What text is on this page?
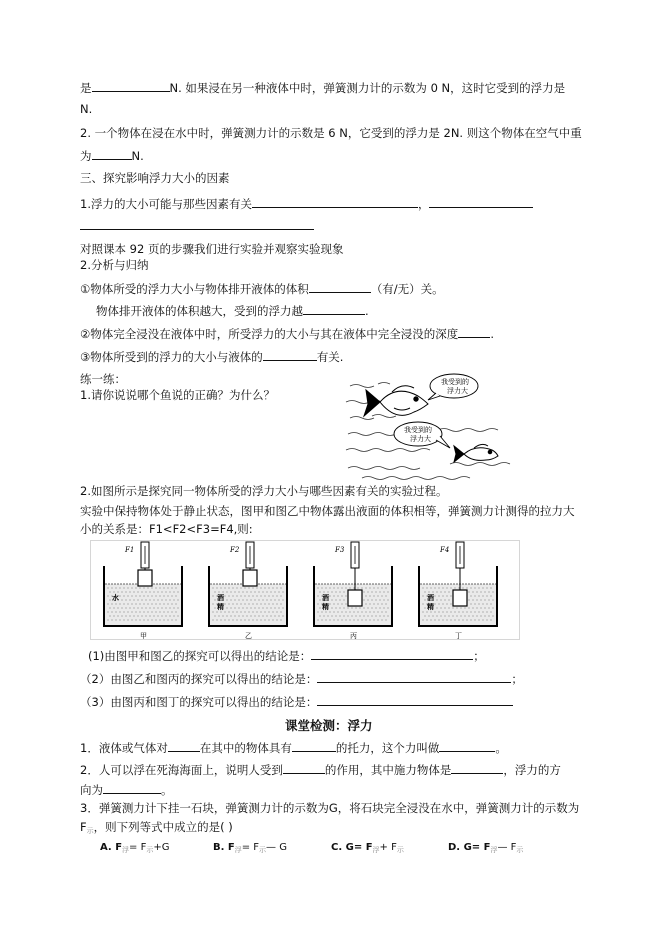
是	N. 如果浸在另一种液体中时，弹簧测力计的示数为 0 N，这时它受到的浮力是
N.
2. 一个物体在浸在水中时，弹簧测力计的示数是 6 N，它受到的浮力是 2N. 则这个物体在空气中重
为	N.
三、探究影响浮力大小的因素
1.浮力的大小可能与那些因素有关	，
对照课本 92 页的步骤我们进行实验并观察实验现象
2.分析与归纳
①物体所受的浮力大小与物体排开液体的体积	（有/无）关。
物体排开液体的体积越大，受到的浮力越	.
②物体完全浸没在液体中时，所受浮力的大小与其在液体中完全浸没的深度	.
③物体所受到的浮力的大小与液体的	有关.
练一练：
1.请你说说哪个鱼说的正确？为什么？
我受到的
浮力大
我受到的
浮力大
2.如图所示是探究同一物体所受的浮力大小与哪些因素有关的实验过程。
实验中保持物体处于静止状态，图甲和图乙中物体露出液面的体积相等，弹簧测力计测得的拉力大
小的关系是：F1<F2<F3=F4,则:
F1
水
甲
F2
酒
精
乙
F3
酒
精
丙
F4
酒
精
丁
(1)由图甲和图乙的探究可以得出的结论是：	；
（2）由图乙和图丙的探究可以得出的结论是：	；
（3）由图丙和图丁的探究可以得出的结论是：
课堂检测：浮力
1．液体或气体对	在其中的物体具有	的托力，这个力叫做	。
2．人可以浮在死海海面上，说明人受到	的作用，其中施力物体是	，浮力的方
向为	。
3．弹簧测力计下挂一石块，弹簧测力计的示数为G，将石块完全浸没在水中，弹簧测力计的示数为
$F_示$，则下列等式中成立的是( )
A. $F_浮= F_示+G$	B. $F_浮=$ $F_示—$ G	C. $G= F_浮+ F_示$	D. $G= F_浮—$ $F_示$
